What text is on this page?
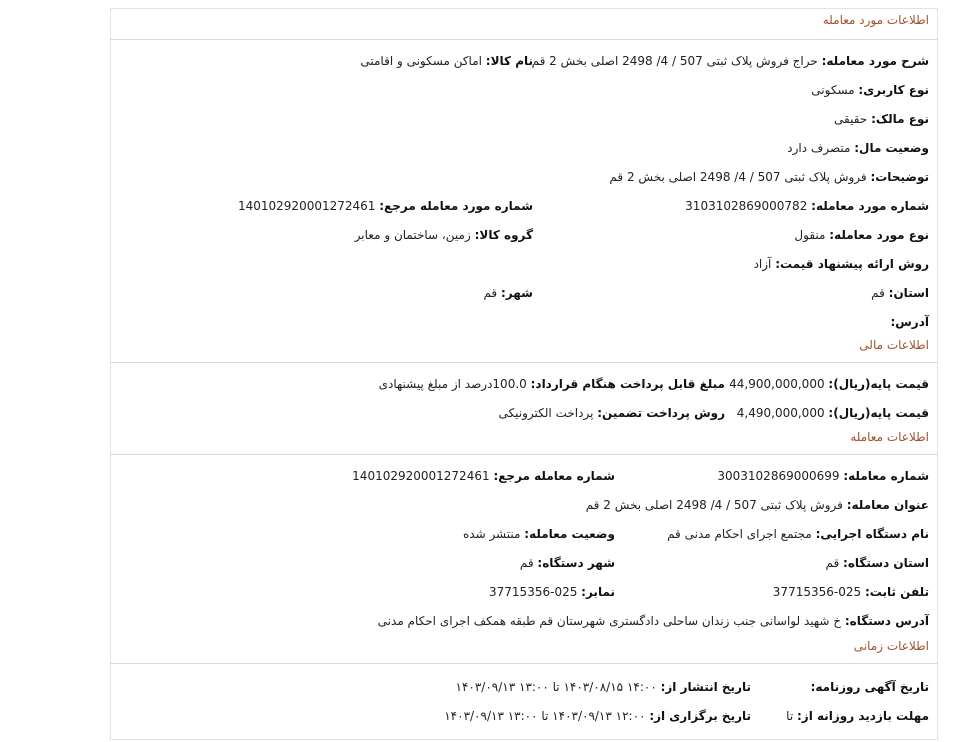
اطلاعات مورد معامله
شرح مورد معامله: حراج فروش پلاک ثبتی 507 / 4/ 2498 اصلی بخش 2 قم
نام کالا: اماکن مسکونی و اقامتی
نوع کاربری: مسکونی
نوع مالک: حقیقی
وضعیت مال: متصرف دارد
توضیحات: فروش پلاک ثبتی 507 / 4/ 2498 اصلی بخش 2 قم
شماره مورد معامله: 3103102869000782
شماره مورد معامله مرجع: 140102920001272461
نوع مورد معامله: منقول
گروه کالا: زمین، ساختمان و معابر
روش ارائه پیشنهاد قیمت: آزاد
استان: قم
شهر: قم
آدرس:
اطلاعات مالی
قیمت پایه(ریال): 44,900,000,000
مبلغ قابل پرداخت هنگام قرارداد: 100.0درصد از مبلغ پیشنهادی
قیمت پایه(ریال): 4,490,000,000
روش پرداخت تضمین: پرداخت الکترونیکی
اطلاعات معامله
شماره معامله: 3003102869000699
شماره معامله مرجع: 140102920001272461
عنوان معامله: فروش پلاک ثبتی 507 / 4/ 2498 اصلی بخش 2 قم
نام دستگاه اجرایی: مجتمع اجرای احکام مدنی قم
وضعیت معامله: منتشر شده
استان دستگاه: قم
شهر دستگاه: قم
تلفن ثابت: 025-37715356
نمابر: 025-37715356
آدرس دستگاه: خ شهید لواسانی جنب زندان ساحلی دادگستری شهرستان قم طبقه همکف اجرای احکام مدنی
اطلاعات زمانی
تاریخ آگهی روزنامه:
تاریخ انتشار از: ۱۴:۰۰ ۱۴۰۳/۰۸/۱۵ تا ۱۳:۰۰ ۱۴۰۳/۰۹/۱۳
مهلت بازدید روزانه از: تا
تاریخ برگزاری از: ۱۲:۰۰ ۱۴۰۳/۰۹/۱۳ تا ۱۳:۰۰ ۱۴۰۳/۰۹/۱۳
